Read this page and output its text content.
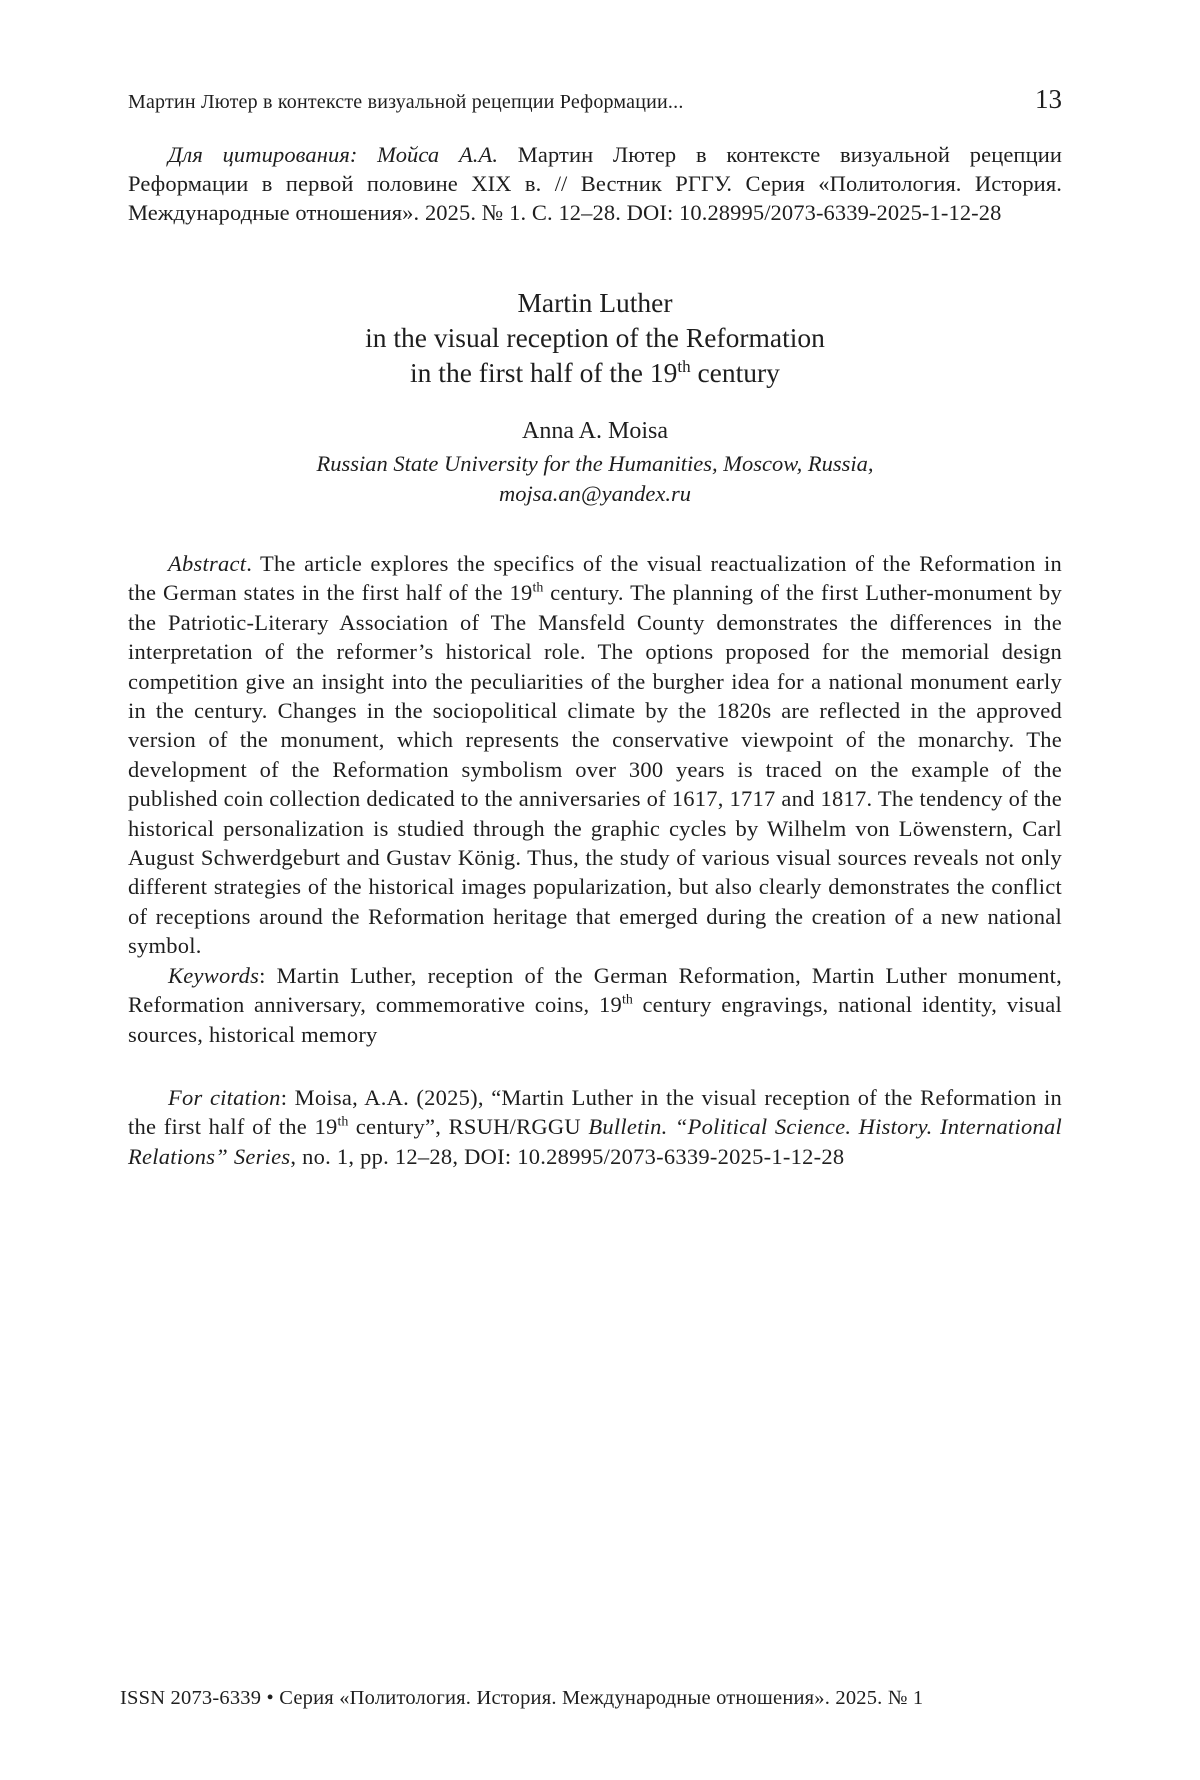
Мартин Лютер в контексте визуальной рецепции Реформации...	13

Для цитирования: Мойса А.А. Мартин Лютер в контексте визуальной рецепции Реформации в первой половине XIX в. // Вестник РГГУ. Серия «Политология. История. Международные отношения». 2025. № 1. С. 12–28. DOI: 10.28995/2073-6339-2025-1-12-28

Martin Luther
in the visual reception of the Reformation
in the first half of the 19th century
Anna A. Moisa
Russian State University for the Humanities, Moscow, Russia,
mojsa.an@yandex.ru

Abstract. The article explores the specifics of the visual reactualization of the Reformation in the German states in the first half of the 19th century. The planning of the first Luther-monument by the Patriotic-Literary Association of The Mansfeld County demonstrates the differences in the interpretation of the reformer’s historical role. The options proposed for the memorial design competition give an insight into the peculiarities of the burgher idea for a national monument early in the century. Changes in the sociopolitical climate by the 1820s are reflected in the approved version of the monument, which represents the conservative viewpoint of the monarchy. The development of the Reformation symbolism over 300 years is traced on the example of the published coin collection dedicated to the anniversaries of 1617, 1717 and 1817. The tendency of the historical personalization is studied through the graphic cycles by Wilhelm von Löwenstern, Carl August Schwerdgeburt and Gustav König. Thus, the study of various visual sources reveals not only different strategies of the historical images popularization, but also clearly demonstrates the conflict of receptions around the Reformation heritage that emerged during the creation of a new national symbol.

Keywords: Martin Luther, reception of the German Reformation, Martin Luther monument, Reformation anniversary, commemorative coins, 19th century engravings, national identity, visual sources, historical memory

For citation: Moisa, A.A. (2025), “Martin Luther in the visual reception of the Reformation in the first half of the 19th century”, RSUH/RGGU Bulletin. “Political Science. History. International Relations” Series, no. 1, pp. 12–28, DOI: 10.28995/2073-6339-2025-1-12-28

ISSN 2073-6339 • Серия «Политология. История. Международные отношения». 2025. № 1
